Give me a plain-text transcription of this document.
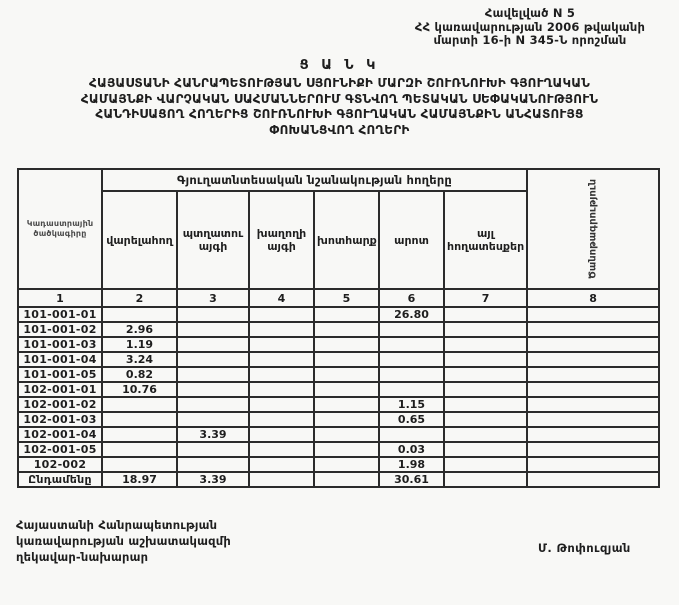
Հավելված N 5
ՀՀ կառավարության 2006 թվականի
մարտի 16-ի N 345-Ն որոշման
Ց Ա Ն Կ
ՀԱՅԱՍՏԱՆԻ ՀԱՆՐԱՊԵՏՈՒԹՅԱՆ ՍՅՈՒՆԻՔԻ ՄԱՐԶԻ ՇՈՒՌՆՈՒԽԻ ԳՅՈՒՂԱԿԱՆ
ՀԱՄԱՅՆՔԻ ՎԱՐՉԱԿԱՆ ՍԱՀՄԱՆՆԵՐՈՒՄ ԳՏՆՎՈՂ ՊԵՏԱԿԱՆ ՍԵՓԱԿԱՆՈՒԹՅՈՒՆ
ՀԱՆԴԻՍԱՑՈՂ ՀՈՂԵՐԻՑ ՇՈՒՌՆՈՒԽԻ ԳՅՈՒՂԱԿԱՆ ՀԱՄԱՅՆՔԻՆ ԱՆՀԱՏՈՒՅՑ
ՓՈԽԱՆՑՎՈՂ ՀՈՂԵՐԻ
Կադաստրային ծածկագիրը	Գյուղատնտեսական նշանակության հողերը						Ծանոթագրություն

	վարելահող	պտղատու այգի	խաղողի այգի	խոտհարք	արոտ	այլ հողատեսքեր	
1	2	3	4	5	6	7	8
101-001-01					26.80		
101-001-02	2.96						
101-001-03	1.19						
101-001-04	3.24						
101-001-05	0.82						
102-001-01	10.76						
102-001-02					1.15		
102-001-03					0.65		
102-001-04		3.39					
102-001-05					0.03		
102-002					1.98		
Ընդամենը	18.97	3.39			30.61		
Հայաստանի Հանրապետության
կառավարության աշխատակազմի
ղեկավար-նախարար
Մ. Թոփուզյան
